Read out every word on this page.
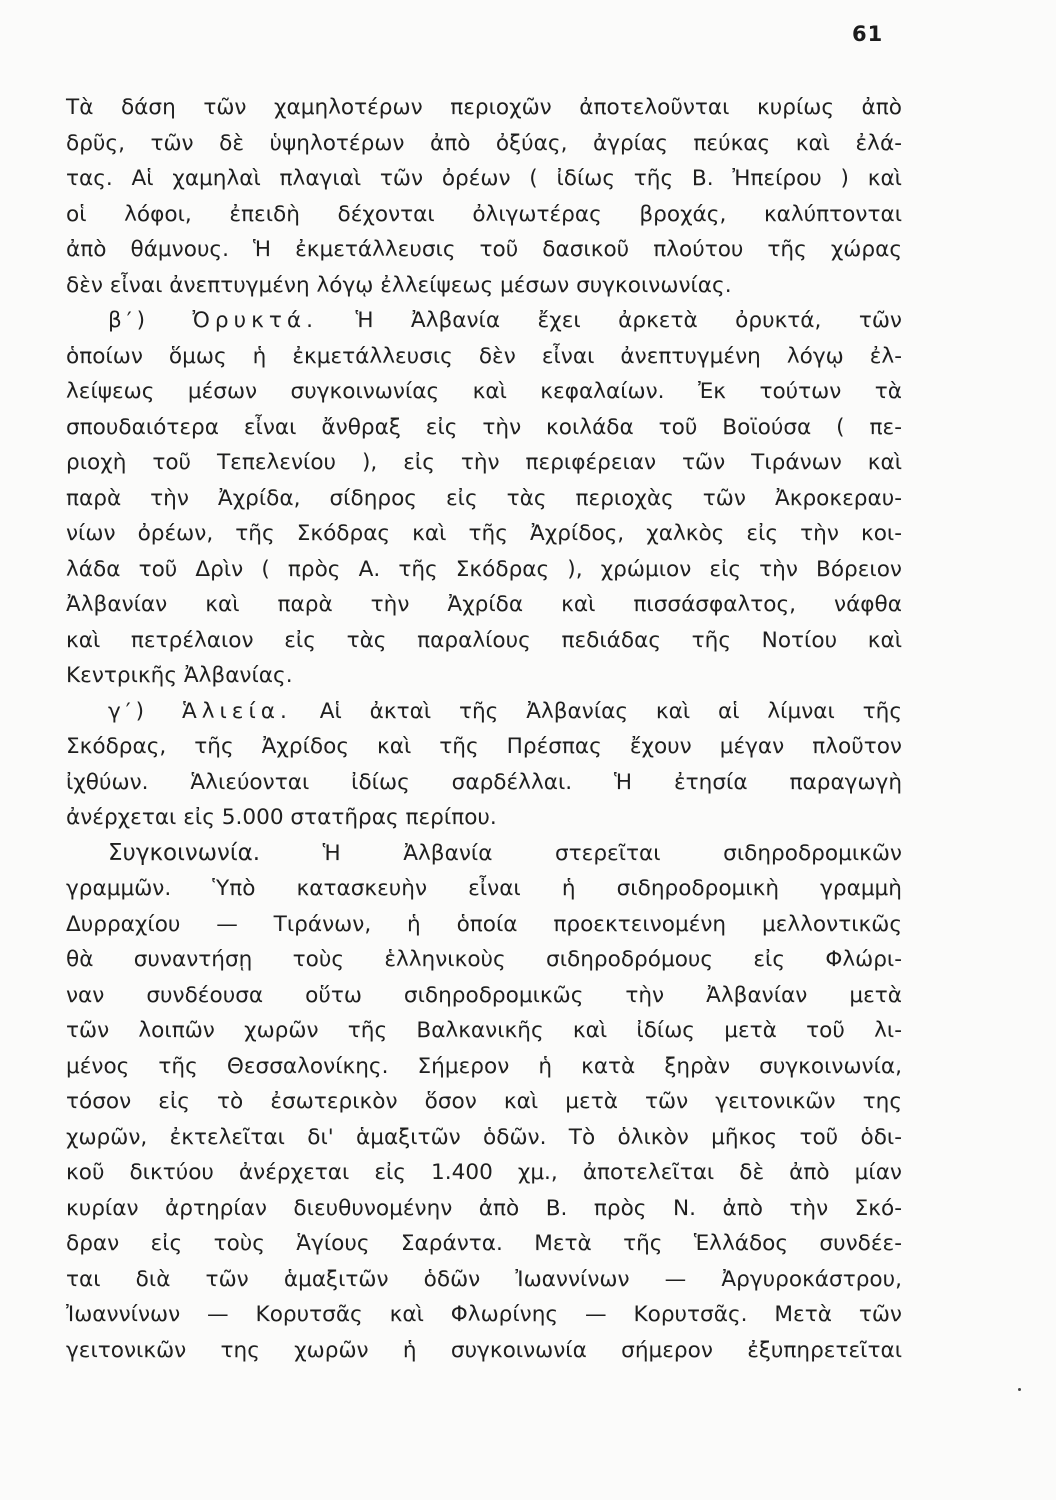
61
Τὰ δάση τῶν χαμηλοτέρων περιοχῶν ἀποτελοῦνται κυρίως ἀπὸ
δρῦς, τῶν δὲ ὑψηλοτέρων ἀπὸ ὀξύας, ἀγρίας πεύκας καὶ ἐλά-
τας. Αἱ χαμηλαὶ πλαγιαὶ τῶν ὀρέων ( ἰδίως τῆς Β. Ἠπείρου ) καὶ
οἱ λόφοι, ἐπειδὴ δέχονται ὀλιγωτέρας βροχάς, καλύπτονται
ἀπὸ θάμνους. Ἡ ἐκμετάλλευσις τοῦ δασικοῦ πλούτου τῆς χώρας
δὲν εἶναι ἀνεπτυγμένη λόγῳ ἐλλείψεως μέσων συγκοινωνίας.
β′) Ὀρυκτά. Ἡ Ἀλβανία ἔχει ἀρκετὰ ὀρυκτά, τῶν
ὁποίων ὅμως ἡ ἐκμετάλλευσις δὲν εἶναι ἀνεπτυγμένη λόγῳ ἐλ-
λείψεως μέσων συγκοινωνίας καὶ κεφαλαίων. Ἐκ τούτων τὰ
σπουδαιότερα εἶναι ἄνθραξ εἰς τὴν κοιλάδα τοῦ Βοϊούσα ( πε-
ριοχὴ τοῦ Τεπελενίου ), εἰς τὴν περιφέρειαν τῶν Τιράνων καὶ
παρὰ τὴν Ἀχρίδα, σίδηρος εἰς τὰς περιοχὰς τῶν Ἀκροκεραυ-
νίων ὀρέων, τῆς Σκόδρας καὶ τῆς Ἀχρίδος, χαλκὸς εἰς τὴν κοι-
λάδα τοῦ Δρὶν ( πρὸς Α. τῆς Σκόδρας ), χρώμιον εἰς τὴν Βόρειον
Ἀλβανίαν καὶ παρὰ τὴν Ἀχρίδα καὶ πισσάσφαλτος, νάφθα
καὶ πετρέλαιον εἰς τὰς παραλίους πεδιάδας τῆς Νοτίου καὶ
Κεντρικῆς Ἀλβανίας.
γ′) Ἁλιεία. Αἱ ἀκταὶ τῆς Ἀλβανίας καὶ αἱ λίμναι τῆς
Σκόδρας, τῆς Ἀχρίδος καὶ τῆς Πρέσπας ἔχουν μέγαν πλοῦτον
ἰχθύων. Ἁλιεύονται ἰδίως σαρδέλλαι. Ἡ ἐτησία παραγωγὴ
ἀνέρχεται εἰς 5.000 στατῆρας περίπου.
Συγκοινωνία.	Ἡ Ἀλβανία στερεῖται σιδηροδρομικῶν
γραμμῶν. Ὑπὸ κατασκευὴν εἶναι ἡ σιδηροδρομικὴ γραμμὴ
Δυρραχίου — Τιράνων, ἡ ὁποία προεκτεινομένη μελλοντικῶς
θὰ συναντήσῃ τοὺς ἑλληνικοὺς σιδηροδρόμους εἰς Φλώρι-
ναν συνδέουσα οὕτω σιδηροδρομικῶς τὴν Ἀλβανίαν μετὰ
τῶν λοιπῶν χωρῶν τῆς Βαλκανικῆς καὶ ἰδίως μετὰ τοῦ λι-
μένος τῆς Θεσσαλονίκης. Σήμερον ἡ κατὰ ξηρὰν συγκοινωνία,
τόσον εἰς τὸ ἐσωτερικὸν ὅσον καὶ μετὰ τῶν γειτονικῶν της
χωρῶν, ἐκτελεῖται δι' ἁμαξιτῶν ὁδῶν. Τὸ ὁλικὸν μῆκος τοῦ ὁδι-
κοῦ δικτύου ἀνέρχεται εἰς 1.400 χμ., ἀποτελεῖται δὲ ἀπὸ μίαν
κυρίαν ἀρτηρίαν διευθυνομένην ἀπὸ Β. πρὸς Ν. ἀπὸ τὴν Σκό-
δραν εἰς τοὺς Ἁγίους Σαράντα. Μετὰ τῆς Ἑλλάδος συνδέε-
ται διὰ τῶν ἁμαξιτῶν ὁδῶν Ἰωαννίνων — Ἀργυροκάστρου,
Ἰωαννίνων — Κορυτσᾶς καὶ Φλωρίνης — Κορυτσᾶς. Μετὰ τῶν
γειτονικῶν της χωρῶν ἡ συγκοινωνία σήμερον ἐξυπηρετεῖται
